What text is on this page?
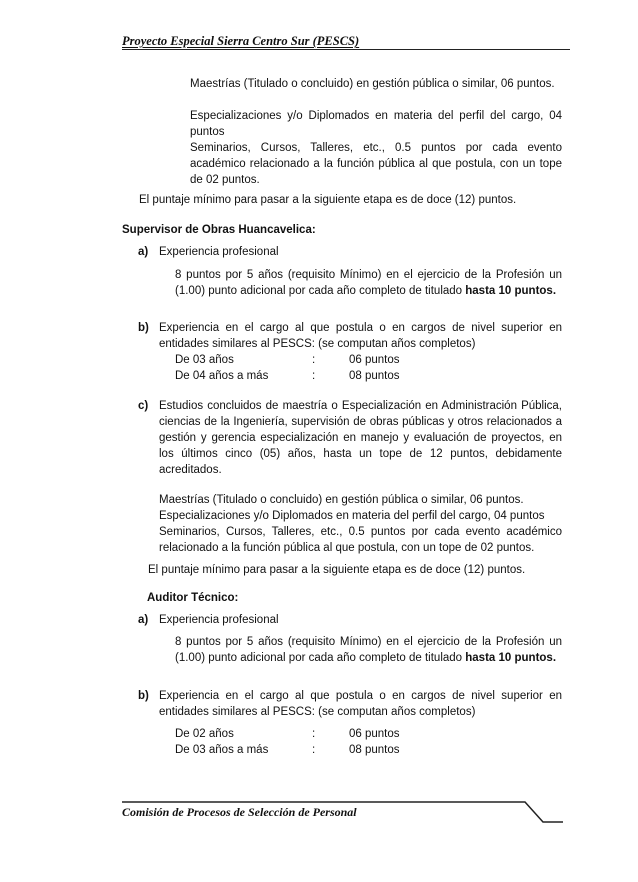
Proyecto Especial Sierra Centro Sur (PESCS)
Maestrías (Titulado o concluido) en gestión pública o similar, 06 puntos.
Especializaciones y/o Diplomados en materia del perfil del cargo, 04 puntos
Seminarios, Cursos, Talleres, etc., 0.5 puntos por cada evento académico relacionado a la función pública al que postula, con un tope de 02 puntos.
El puntaje mínimo para pasar a la siguiente etapa es de doce (12) puntos.
Supervisor de Obras Huancavelica:
a) Experiencia profesional
8 puntos por 5 años (requisito Mínimo) en el ejercicio de la Profesión un (1.00) punto adicional por cada año completo de titulado hasta 10 puntos.
b) Experiencia en el cargo al que postula o en cargos de nivel superior en entidades similares al PESCS: (se computan años completos)
De 03 años	:	06 puntos
De 04 años a más	:	08 puntos
c) Estudios concluidos de maestría o Especialización en Administración Pública, ciencias de la Ingeniería, supervisión de obras públicas y otros relacionados a gestión y gerencia especialización en manejo y evaluación de proyectos, en los últimos cinco (05) años, hasta un tope de 12 puntos, debidamente acreditados.
Maestrías (Titulado o concluido) en gestión pública o similar, 06 puntos.
Especializaciones y/o Diplomados en materia del perfil del cargo, 04 puntos
Seminarios, Cursos, Talleres, etc., 0.5 puntos por cada evento académico relacionado a la función pública al que postula, con un tope de 02 puntos.
El puntaje mínimo para pasar a la siguiente etapa es de doce (12) puntos.
Auditor Técnico:
a) Experiencia profesional
8 puntos por 5 años (requisito Mínimo) en el ejercicio de la Profesión un (1.00) punto adicional por cada año completo de titulado hasta 10 puntos.
b) Experiencia en el cargo al que postula o en cargos de nivel superior en entidades similares al PESCS: (se computan años completos)
De 02 años	:	06 puntos
De 03 años a más	:	08 puntos
Comisión de Procesos de Selección de Personal
